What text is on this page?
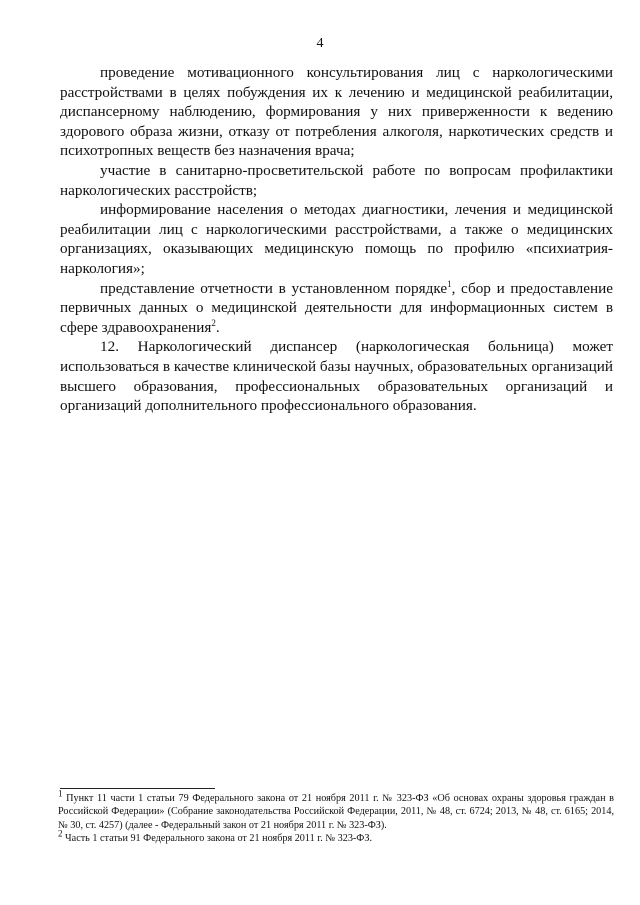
4

проведение мотивационного консультирования лиц с наркологическими расстройствами в целях побуждения их к лечению и медицинской реабилитации, диспансерному наблюдению, формирования у них приверженности к ведению здорового образа жизни, отказу от потребления алкоголя, наркотических средств и психотропных веществ без назначения врача;

участие в санитарно-просветительской работе по вопросам профилактики наркологических расстройств;

информирование населения о методах диагностики, лечения и медицинской реабилитации лиц с наркологическими расстройствами, а также о медицинских организациях, оказывающих медицинскую помощь по профилю «психиатрия-наркология»;

представление отчетности в установленном порядке$^1$, сбор и предоставление первичных данных о медицинской деятельности для информационных систем в сфере здравоохранения$^2$.

12. Наркологический диспансер (наркологическая больница) может использоваться в качестве клинической базы научных, образовательных организаций высшего образования, профессиональных образовательных организаций и организаций дополнительного профессионального образования.

$^1$ Пункт 11 части 1 статьи 79 Федерального закона от 21 ноября 2011 г. № 323-ФЗ «Об основах охраны здоровья граждан в Российской Федерации» (Собрание законодательства Российской Федерации, 2011, № 48, ст. 6724; 2013, № 48, ст. 6165; 2014, № 30, ст. 4257) (далее - Федеральный закон от 21 ноября 2011 г. № 323-ФЗ).

$^2$ Часть 1 статьи 91 Федерального закона от 21 ноября 2011 г. № 323-ФЗ.
